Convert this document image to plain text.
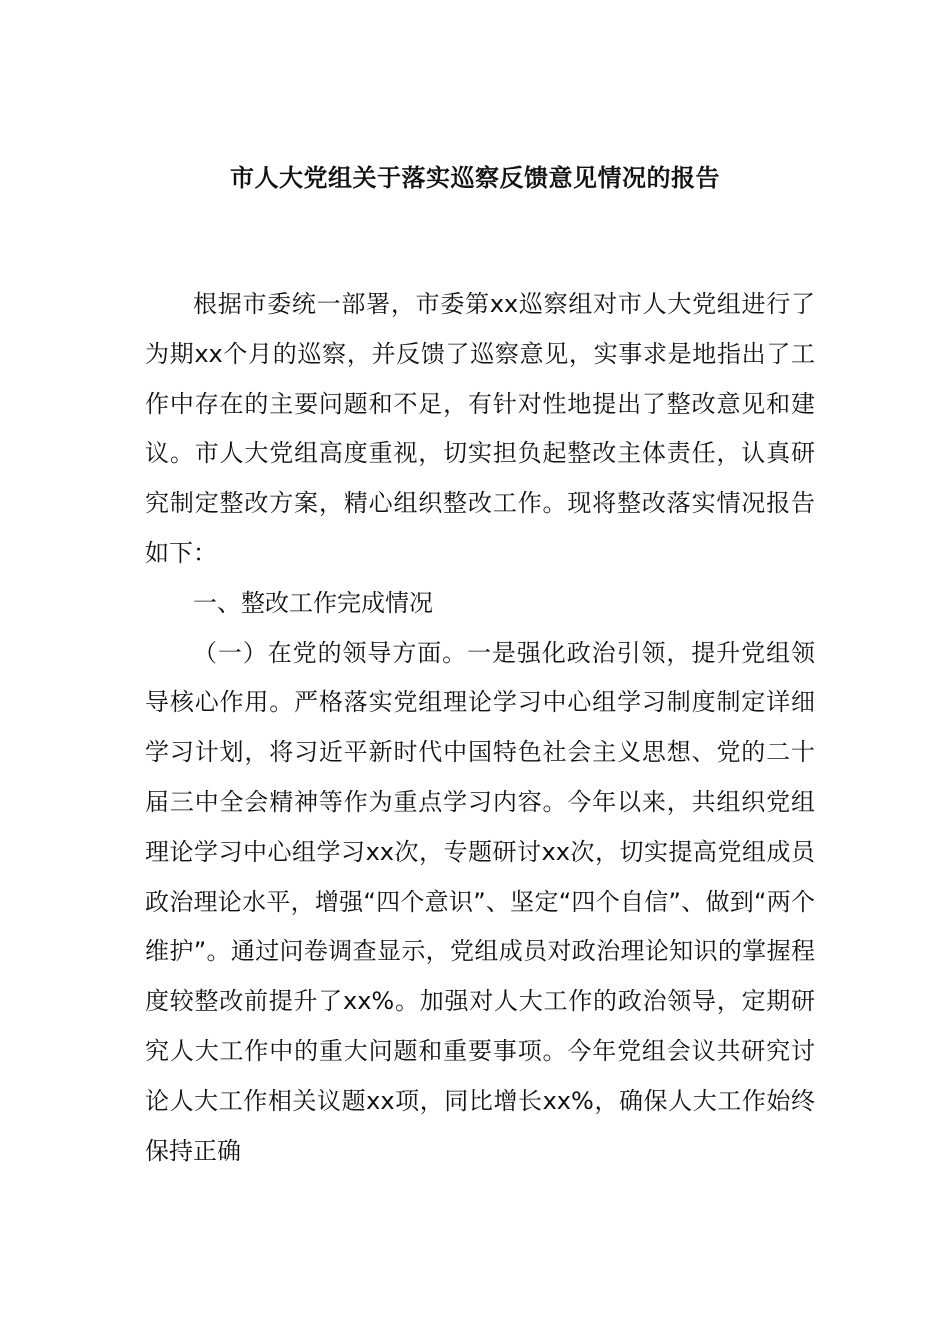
市人大党组关于落实巡察反馈意见情况的报告

根据市委统一部署，市委第xx巡察组对市人大党组进行了为期xx个月的巡察，并反馈了巡察意见，实事求是地指出了工作中存在的主要问题和不足，有针对性地提出了整改意见和建议。市人大党组高度重视，切实担负起整改主体责任，认真研究制定整改方案，精心组织整改工作。现将整改落实情况报告如下：

一、整改工作完成情况

（一）在党的领导方面。一是强化政治引领，提升党组领导核心作用。严格落实党组理论学习中心组学习制度制定详细学习计划，将习近平新时代中国特色社会主义思想、党的二十届三中全会精神等作为重点学习内容。今年以来，共组织党组理论学习中心组学习xx次，专题研讨xx次，切实提高党组成员政治理论水平，增强“四个意识”、坚定“四个自信”、做到“两个维护”。通过问卷调查显示，党组成员对政治理论知识的掌握程度较整改前提升了xx%。加强对人大工作的政治领导，定期研究人大工作中的重大问题和重要事项。今年党组会议共研究讨论人大工作相关议题xx项，同比增长xx%，确保人大工作始终保持正确
